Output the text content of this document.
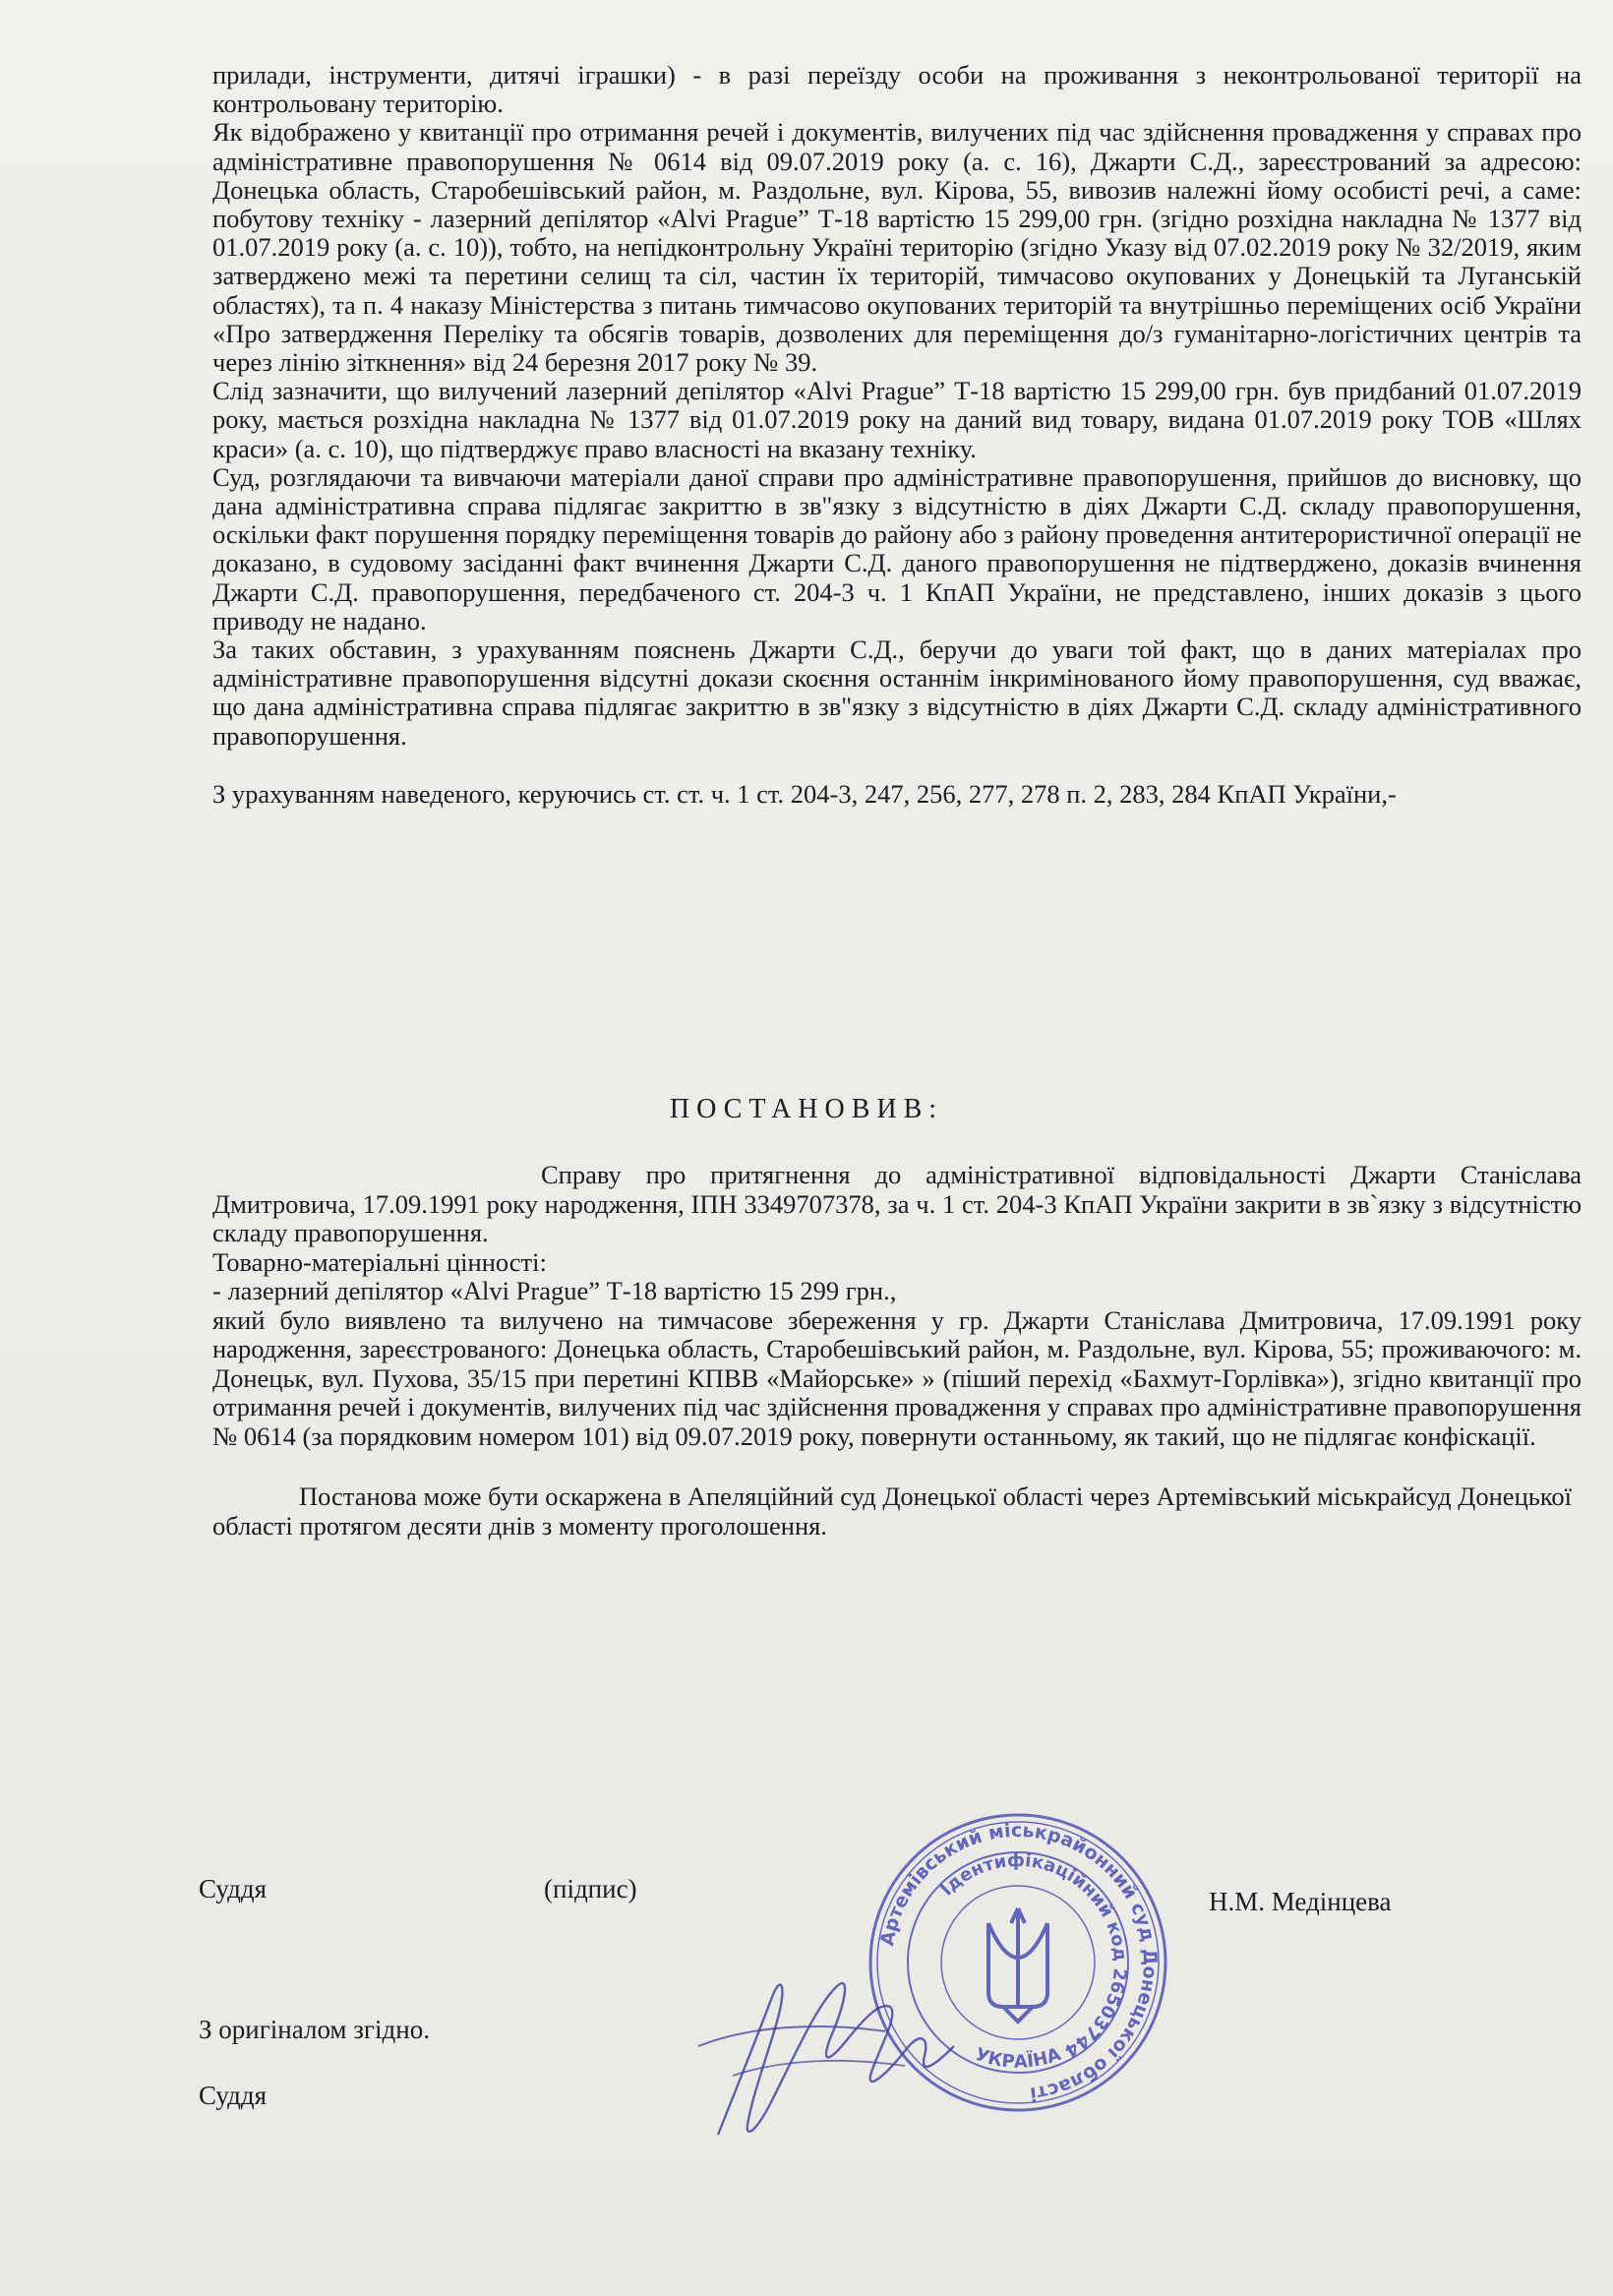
прилади, інструменти, дитячі іграшки) - в разі переїзду особи на проживання з неконтрольованої території на контрольовану територію.

Як відображено у квитанції про отримання речей і документів, вилучених під час здійснення провадження у справах про адміністративне правопорушення № 0614 від 09.07.2019 року (а. с. 16), Джарти С.Д., зареєстрований за адресою: Донецька область, Старобешівський район, м. Раздольне, вул. Кірова, 55, вивозив належні йому особисті речі, а саме: побутову техніку - лазерний депілятор «Alvi Prague” Т-18 вартістю 15 299,00 грн. (згідно розхідна накладна № 1377 від 01.07.2019 року (а. с. 10)), тобто, на непідконтрольну Україні територію (згідно Указу від 07.02.2019 року № 32/2019, яким затверджено межі та перетини селищ та сіл, частин їх територій, тимчасово окупованих у Донецькій та Луганській областях), та п. 4 наказу Міністерства з питань тимчасово окупованих територій та внутрішньо переміщених осіб України «Про затвердження Переліку та обсягів товарів, дозволених для переміщення до/з гуманітарно-логістичних центрів та через лінію зіткнення» від 24 березня 2017 року № 39.

Слід зазначити, що вилучений лазерний депілятор «Alvi Prague” Т-18 вартістю 15 299,00 грн. був придбаний 01.07.2019 року, мається розхідна накладна № 1377 від 01.07.2019 року на даний вид товару, видана 01.07.2019 року ТОВ «Шлях краси» (а. с. 10), що підтверджує право власності на вказану техніку.

Суд, розглядаючи та вивчаючи матеріали даної справи про адміністративне правопорушення, прийшов до висновку, що дана адміністративна справа підлягає закриттю в зв"язку з відсутністю в діях Джарти С.Д. складу правопорушення, оскільки факт порушення порядку переміщення товарів до району або з району проведення антитерористичної операції не доказано, в судовому засіданні факт вчинення Джарти С.Д. даного правопорушення не підтверджено, доказів вчинення Джарти С.Д. правопорушення, передбаченого ст. 204-3 ч. 1 КпАП України, не представлено, інших доказів з цього приводу не надано.

За таких обставин, з урахуванням пояснень Джарти С.Д., беручи до уваги той факт, що в даних матеріалах про адміністративне правопорушення відсутні докази скоєння останнім інкримінованого йому правопорушення, суд вважає, що дана адміністративна справа підлягає закриттю в зв"язку з відсутністю в діях Джарти С.Д. складу адміністративного правопорушення.

З урахуванням наведеного, керуючись ст. ст. ч. 1 ст. 204-3, 247, 256, 277, 278 п. 2, 283, 284 КпАП України,-

ПОСТАНОВИВ:

Справу про притягнення до адміністративної відповідальності Джарти Станіслава Дмитровича, 17.09.1991 року народження, ІПН 3349707378, за ч. 1 ст. 204-3 КпАП України закрити в зв`язку з відсутністю складу правопорушення.

Товарно-матеріальні цінності:

- лазерний депілятор «Alvi Prague” Т-18 вартістю 15 299 грн.,

який було виявлено та вилучено на тимчасове збереження у гр. Джарти Станіслава Дмитровича, 17.09.1991 року народження, зареєстрованого: Донецька область, Старобешівський район, м. Раздольне, вул. Кірова, 55; проживаючого: м. Донецьк, вул. Пухова, 35/15 при перетині КПВВ «Майорське» » (піший перехід «Бахмут-Горлівка»), згідно квитанції про отримання речей і документів, вилучених під час здійснення провадження у справах про адміністративне правопорушення № 0614 (за порядковим номером 101) від 09.07.2019 року, повернути останньому, як такий, що не підлягає конфіскації.

Постанова може бути оскаржена в Апеляційний суд Донецької області через Артемівський міськрайсуд Донецької області протягом десяти днів з моменту проголошення.

Суддя	(підпис)	Н.М. Медінцева
З оригіналом згідно.
Суддя
Артемівський міськрайонний суд Донецької області
Ідентифікаційний код 26503744
УКРАЇНА
